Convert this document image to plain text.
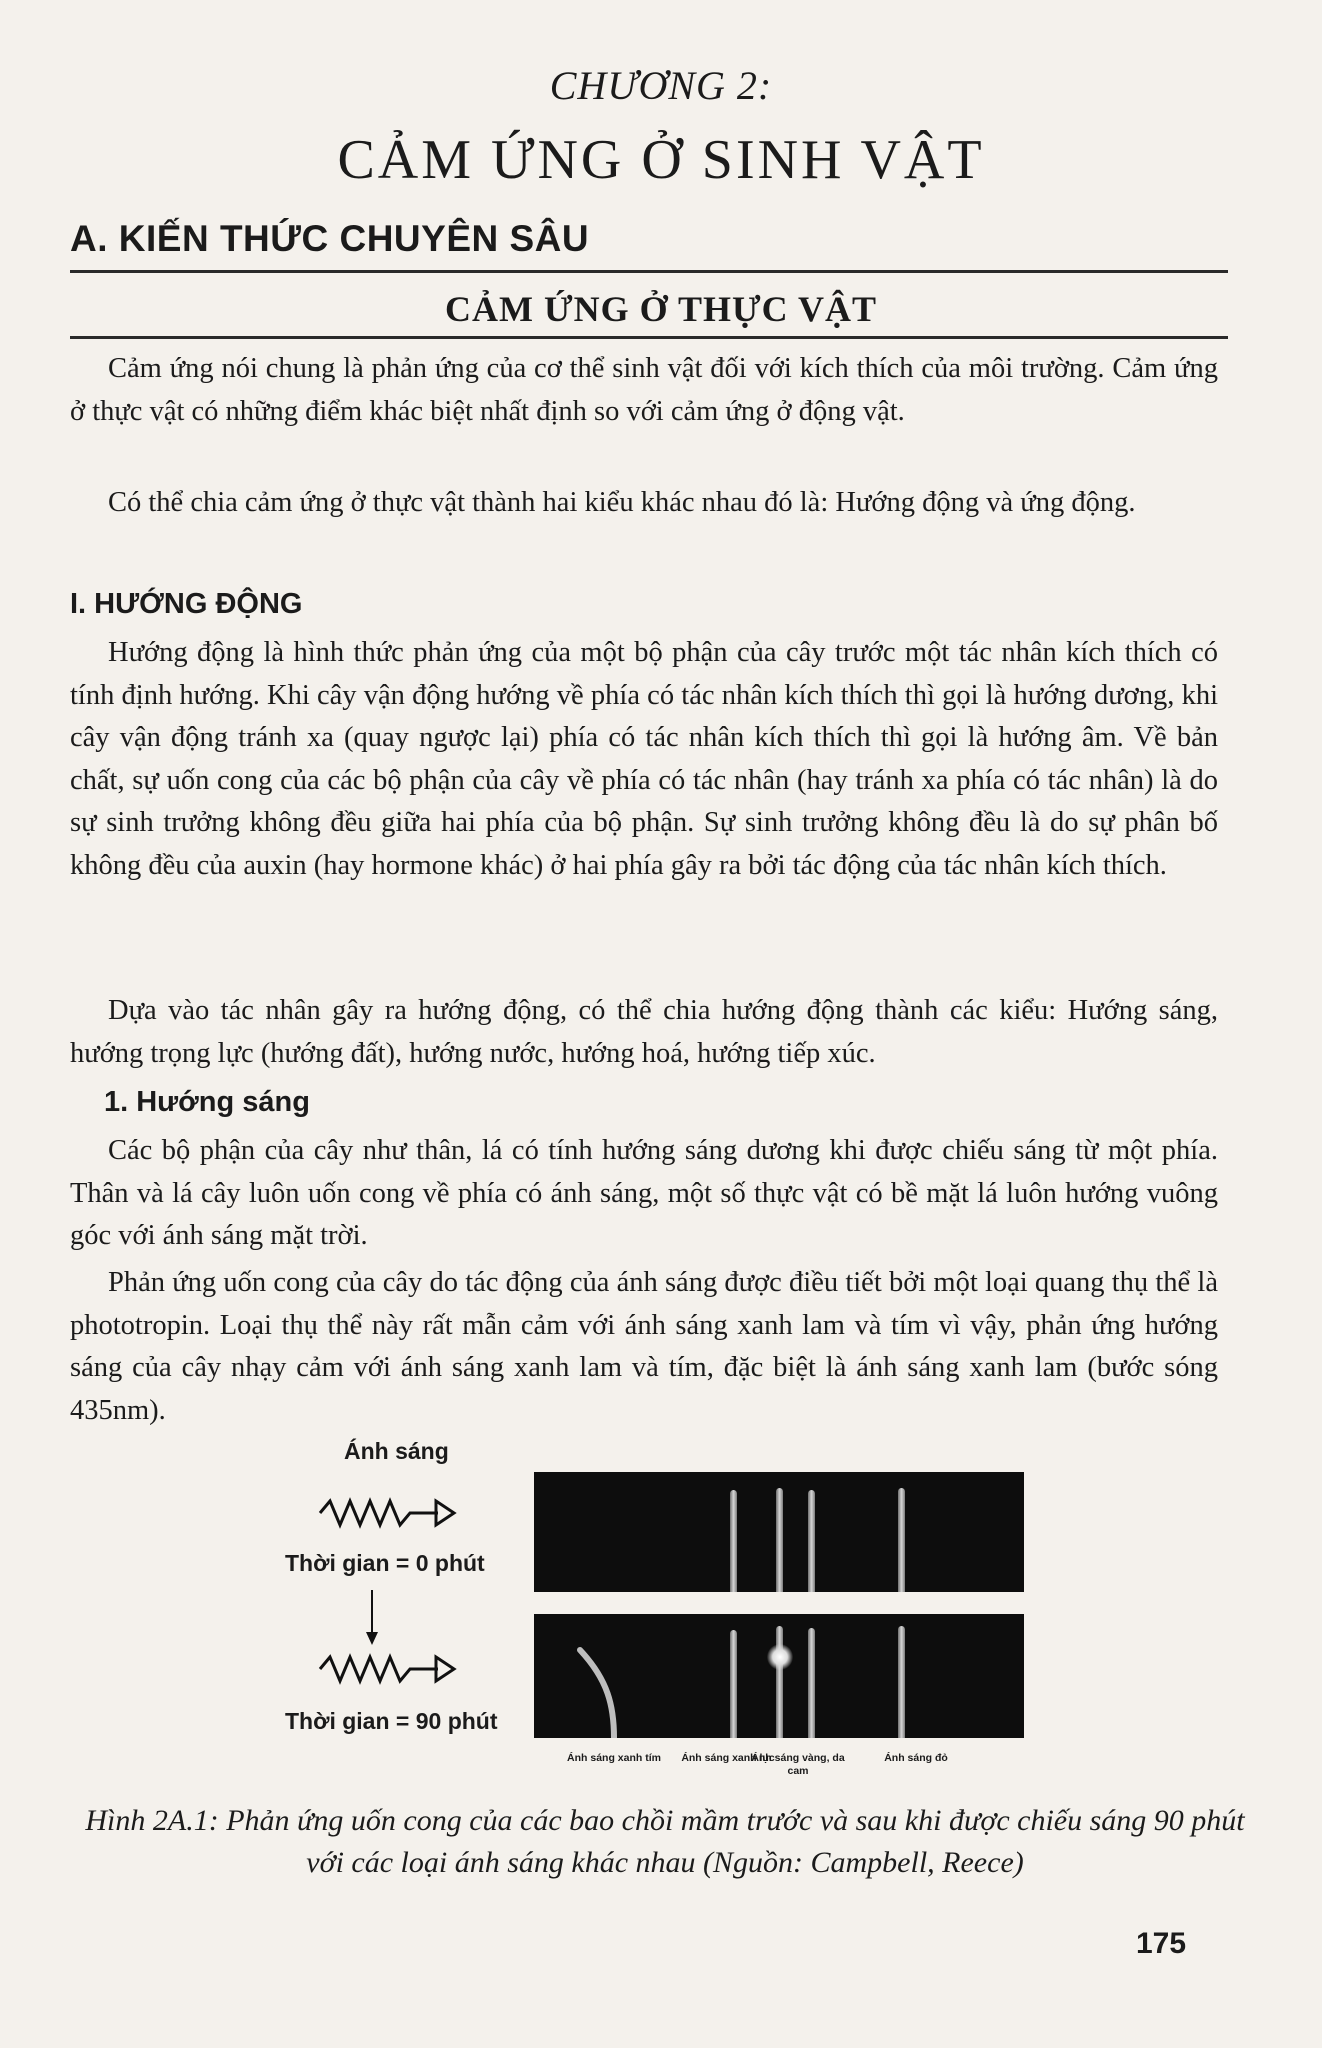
CHƯƠNG 2:
CẢM ỨNG Ở SINH VẬT
A. KIẾN THỨC CHUYÊN SÂU
CẢM ỨNG Ở THỰC VẬT

Cảm ứng nói chung là phản ứng của cơ thể sinh vật đối với kích thích của môi trường. Cảm ứng ở thực vật có những điểm khác biệt nhất định so với cảm ứng ở động vật.

Có thể chia cảm ứng ở thực vật thành hai kiểu khác nhau đó là: Hướng động và ứng động.

I. HƯỚNG ĐỘNG

Hướng động là hình thức phản ứng của một bộ phận của cây trước một tác nhân kích thích có tính định hướng. Khi cây vận động hướng về phía có tác nhân kích thích thì gọi là hướng dương, khi cây vận động tránh xa (quay ngược lại) phía có tác nhân kích thích thì gọi là hướng âm. Về bản chất, sự uốn cong của các bộ phận của cây về phía có tác nhân (hay tránh xa phía có tác nhân) là do sự sinh trưởng không đều giữa hai phía của bộ phận. Sự sinh trưởng không đều là do sự phân bố không đều của auxin (hay hormone khác) ở hai phía gây ra bởi tác động của tác nhân kích thích.

Dựa vào tác nhân gây ra hướng động, có thể chia hướng động thành các kiểu: Hướng sáng, hướng trọng lực (hướng đất), hướng nước, hướng hoá, hướng tiếp xúc.

1. Hướng sáng

Các bộ phận của cây như thân, lá có tính hướng sáng dương khi được chiếu sáng từ một phía. Thân và lá cây luôn uốn cong về phía có ánh sáng, một số thực vật có bề mặt lá luôn hướng vuông góc với ánh sáng mặt trời.

Phản ứng uốn cong của cây do tác động của ánh sáng được điều tiết bởi một loại quang thụ thể là phototropin. Loại thụ thể này rất mẫn cảm với ánh sáng xanh lam và tím vì vậy, phản ứng hướng sáng của cây nhạy cảm với ánh sáng xanh lam và tím, đặc biệt là ánh sáng xanh lam (bước sóng 435nm).

Ánh sáng
Thời gian = 0 phút
Thời gian = 90 phút
Ánh sáng xanh tím Ánh sáng xanh lục
Ánh sáng vàng, da cam
Ánh sáng đỏ
Hình 2A.1: Phản ứng uốn cong của các bao chồi mầm trước và sau khi được chiếu sáng 90 phút với các loại ánh sáng khác nhau (Nguồn: Campbell, Reece)
175
